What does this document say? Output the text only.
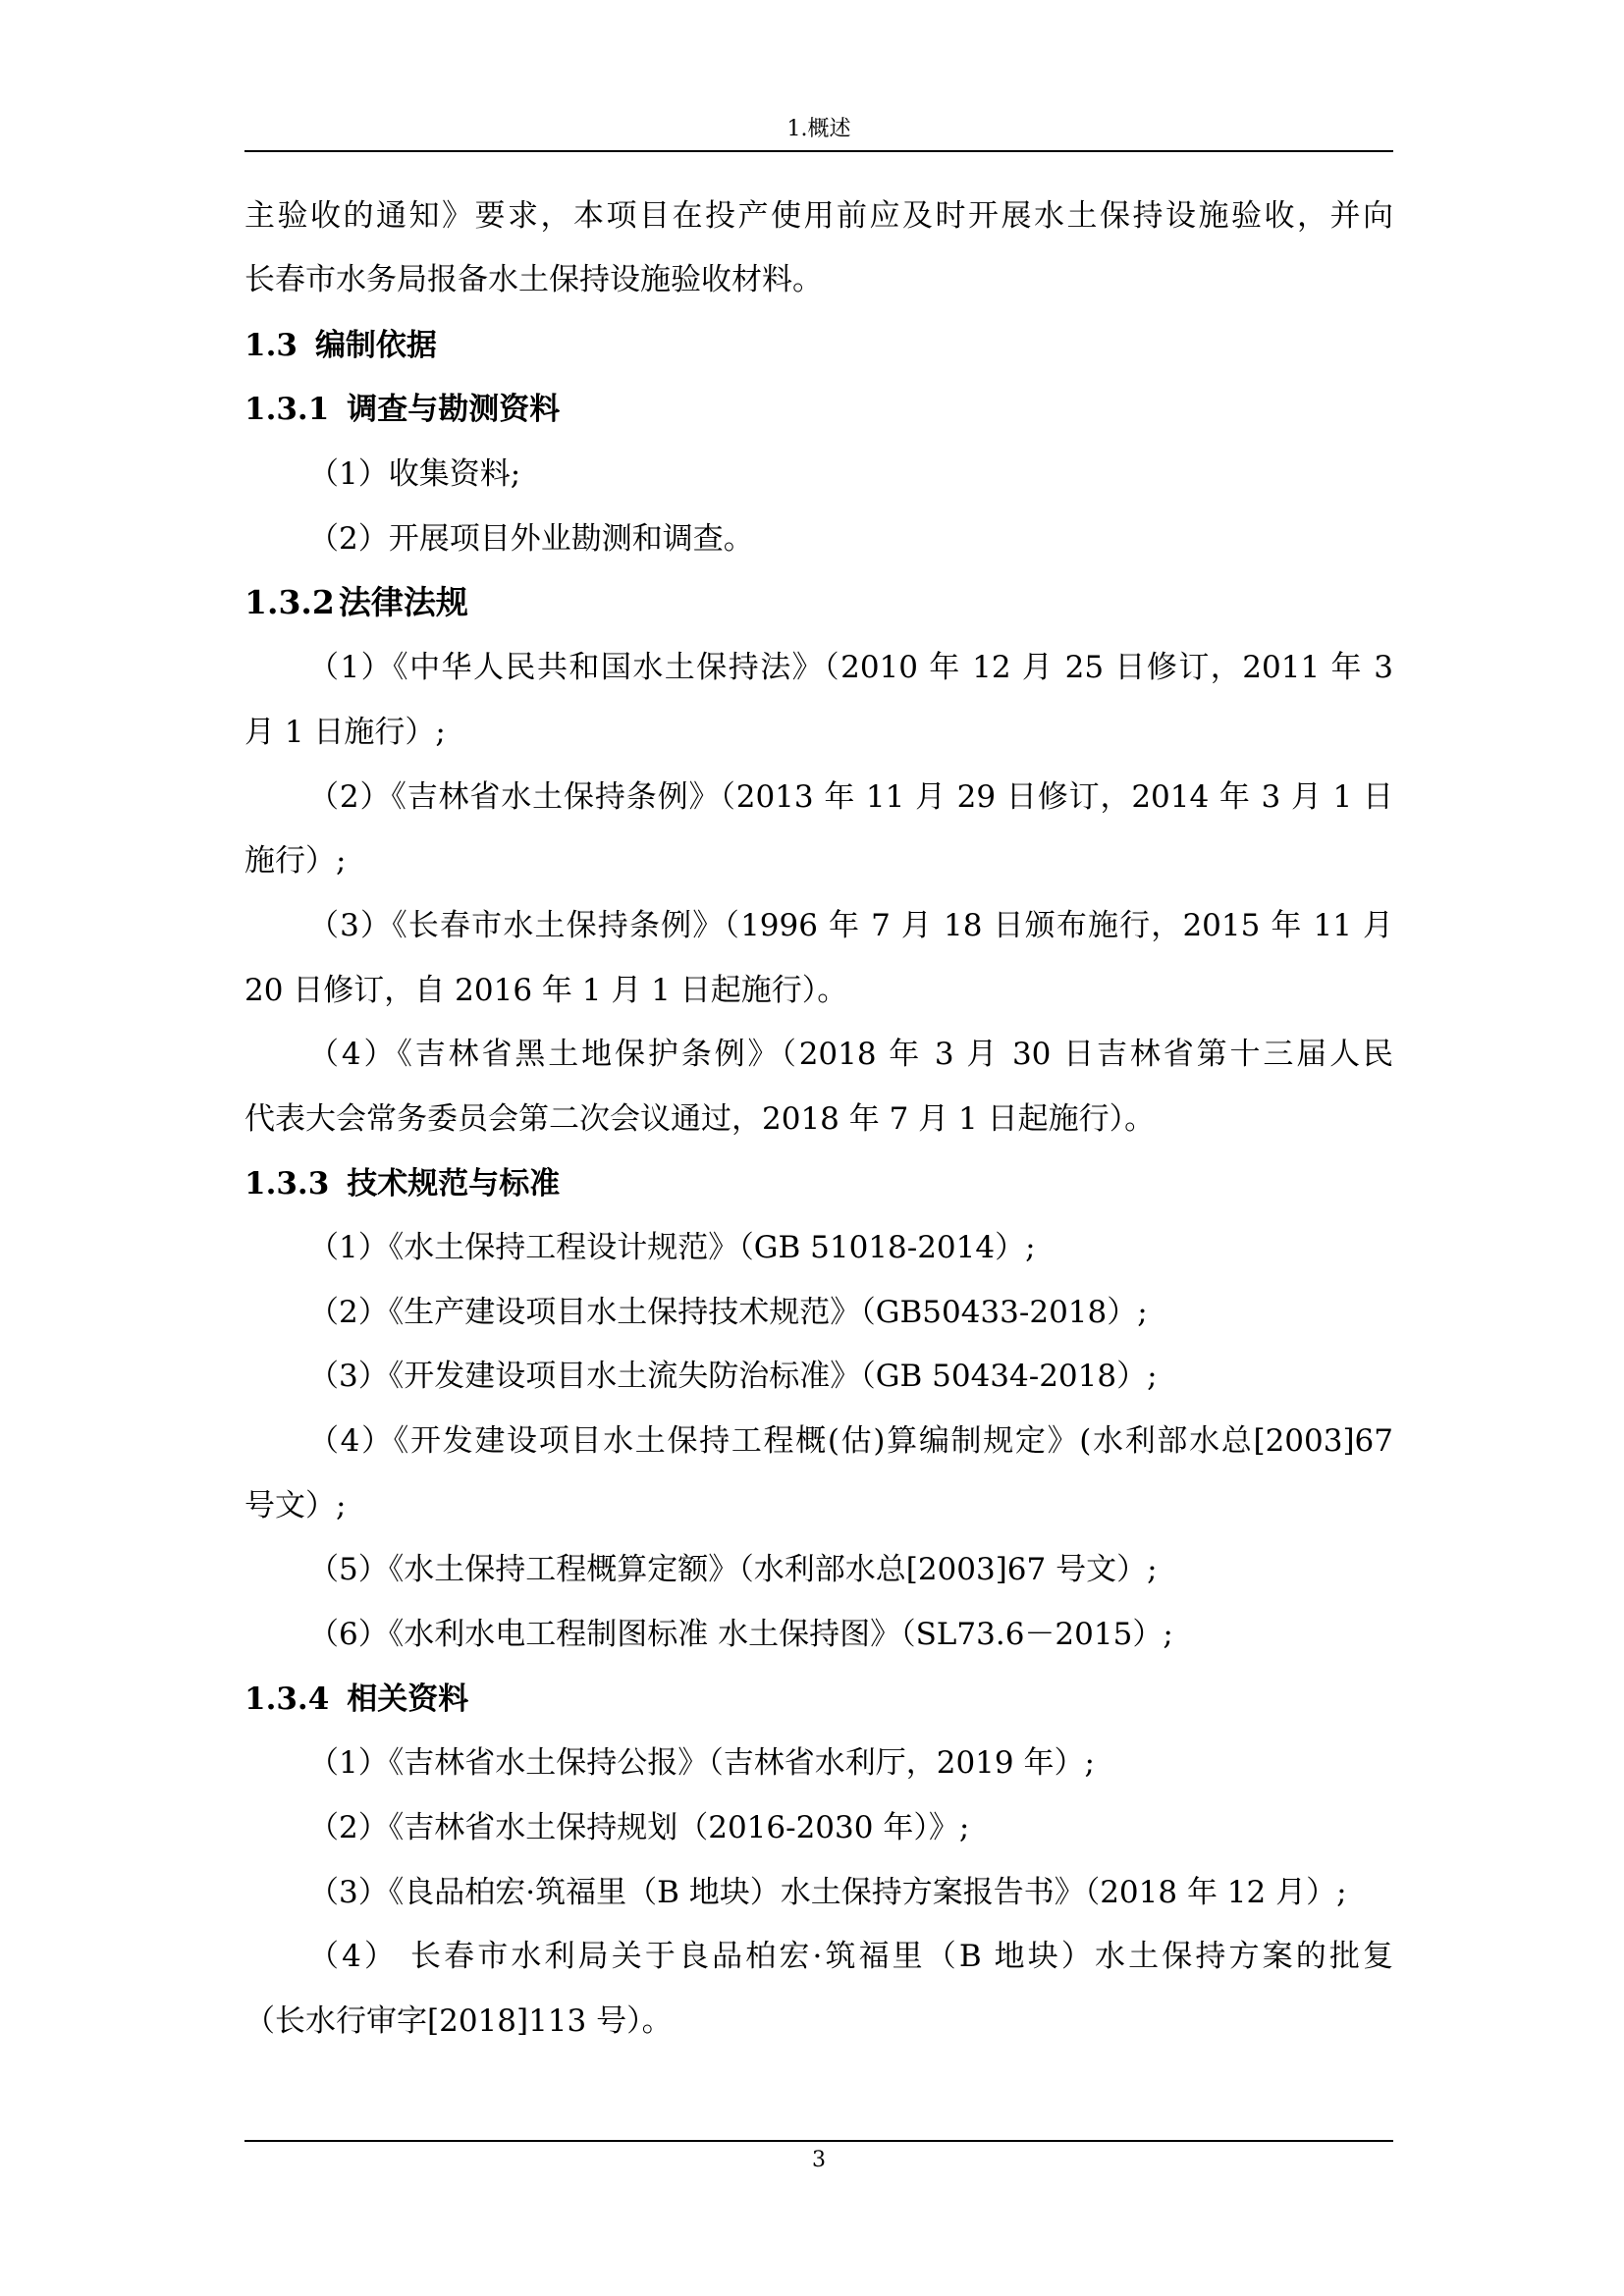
1.概述
主验收的通知》要求，本项目在投产使用前应及时开展水土保持设施验收，并向
长春市水务局报备水土保持设施验收材料。
1.3 编制依据
1.3.1 调查与勘测资料
（1）收集资料;
（2）开展项目外业勘测和调查。
1.3.2 法律法规
（1）《中华人民共和国水土保持法》（2010 年 12 月 25 日修订，2011 年 3
月 1 日施行）;
（2）《吉林省水土保持条例》（2013 年 11 月 29 日修订，2014 年 3 月 1 日
施行）;
（3）《长春市水土保持条例》（1996 年 7 月 18 日颁布施行，2015 年 11 月
20 日修订，自 2016 年 1 月 1 日起施行）。
（4）《吉林省黑土地保护条例》（2018 年 3 月 30 日吉林省第十三届人民
代表大会常务委员会第二次会议通过，2018 年 7 月 1 日起施行）。
1.3.3 技术规范与标准
（1）《水土保持工程设计规范》（GB 51018-2014）;
（2）《生产建设项目水土保持技术规范》（GB50433-2018）;
（3）《开发建设项目水土流失防治标准》（GB 50434-2018）;
（4）《开发建设项目水土保持工程概(估)算编制规定》(水利部水总[2003]67
号文）;
（5）《水土保持工程概算定额》（水利部水总[2003]67 号文）;
（6）《水利水电工程制图标准 水土保持图》（SL73.6－2015）;
1.3.4 相关资料
（1）《吉林省水土保持公报》（吉林省水利厅，2019 年）;
（2）《吉林省水土保持规划（2016-2030 年）》;
（3）《良品柏宏·筑福里（B 地块）水土保持方案报告书》（2018 年 12 月）;
（4） 长春市水利局关于良品柏宏·筑福里（B 地块）水土保持方案的批复
（长水行审字[2018]113 号）。
3
